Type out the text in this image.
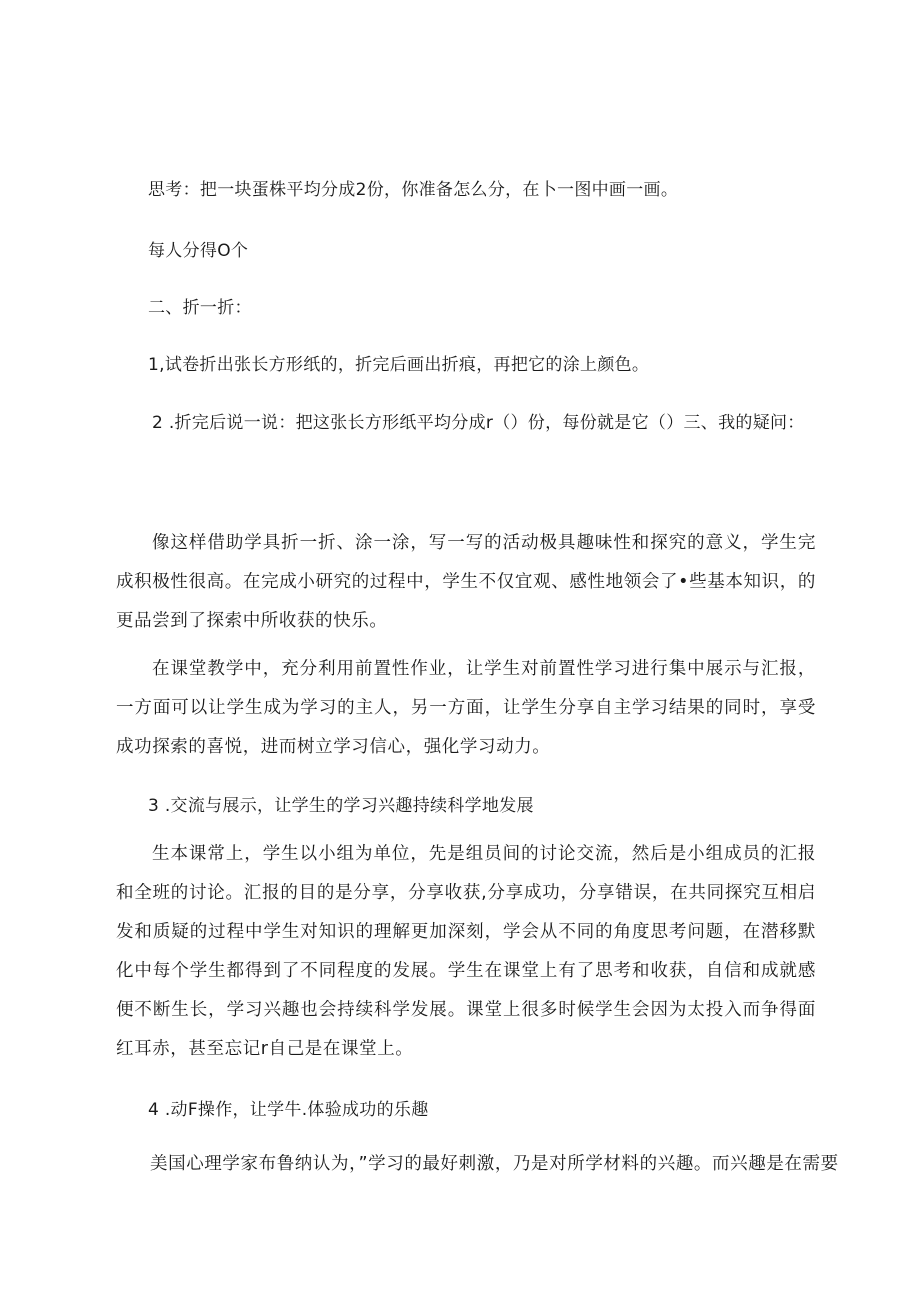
思考：把一块蛋株平均分成2份，你准备怎么分，在卜一图中画一画。
每人分得O个
二、折一折：
1,试卷折出张长方形纸的，折完后画出折痕，再把它的涂上颜色。
2 .折完后说一说：把这张长方形纸平均分成r（）份，每份就是它（）三、我的疑问：
像这样借助学具折一折、涂一涂，写一写的活动极具趣味性和探究的意义，学生完成积极性很高。在完成小研究的过程中，学生不仅宜观、感性地领会了•些基本知识，的更品尝到了探索中所收获的快乐。
在课堂教学中，充分利用前置性作业，让学生对前置性学习进行集中展示与汇报，一方面可以让学生成为学习的主人，另一方面，让学生分享自主学习结果的同时，享受成功探索的喜悦，进而树立学习信心，强化学习动力。
3 .交流与展示，让学生的学习兴趣持续科学地发展
生本课常上，学生以小组为单位，先是组员间的讨论交流，然后是小组成员的汇报和全班的讨论。汇报的目的是分享，分享收获,分享成功，分享错误，在共同探究互相启发和质疑的过程中学生对知识的理解更加深刻，学会从不同的角度思考问题，在潜移默化中每个学生都得到了不同程度的发展。学生在课堂上有了思考和收获，自信和成就感便不断生长，学习兴趣也会持续科学发展。课堂上很多时候学生会因为太投入而争得面红耳赤，甚至忘记r自己是在课堂上。
4 .动F操作，让学牛.体验成功的乐趣
美国心理学家布鲁纳认为，”学习的最好刺激，乃是对所学材料的兴趣。而兴趣是在需要
